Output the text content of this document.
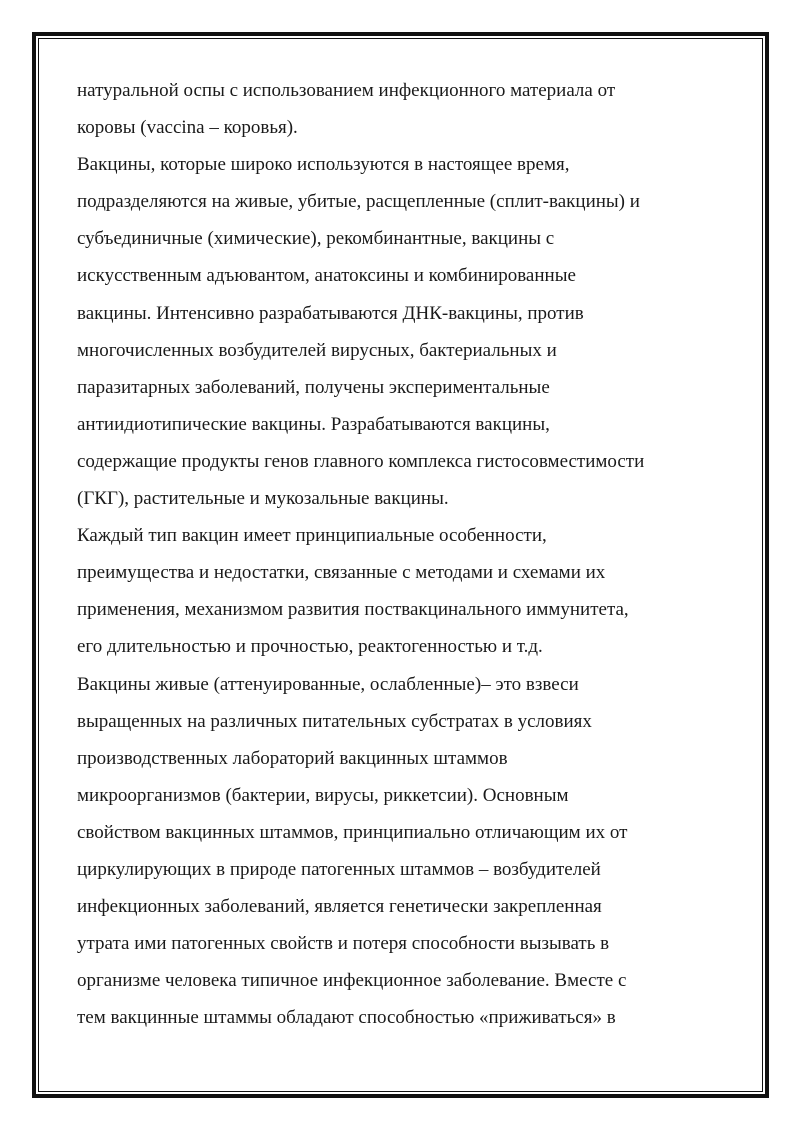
натуральной оспы с использованием инфекционного материала от
коровы (vaccina – коровья).
Вакцины, которые широко используются в настоящее время,
подразделяются на живые, убитые, расщепленные (сплит-вакцины) и
субъединичные (химические), рекомбинантные, вакцины с
искусственным адъювантом, анатоксины и комбинированные
вакцины. Интенсивно разрабатываются ДНК-вакцины, против
многочисленных возбудителей вирусных, бактериальных и
паразитарных заболеваний, получены экспериментальные
антиидиотипические вакцины. Разрабатываются вакцины,
содержащие продукты генов главного комплекса гистосовместимости
(ГКГ), растительные и мукозальные вакцины.
Каждый тип вакцин имеет принципиальные особенности,
преимущества и недостатки, связанные с методами и схемами их
применения, механизмом развития поствакцинального иммунитета,
его длительностью и прочностью, реактогенностью и т.д.
Вакцины живые (аттенуированные, ослабленные)– это взвеси
выращенных на различных питательных субстратах в условиях
производственных лабораторий вакцинных штаммов
микроорганизмов (бактерии, вирусы, риккетсии). Основным
свойством вакцинных штаммов, принципиально отличающим их от
циркулирующих в природе патогенных штаммов – возбудителей
инфекционных заболеваний, является генетически закрепленная
утрата ими патогенных свойств и потеря способности вызывать в
организме человека типичное инфекционное заболевание. Вместе с
тем вакцинные штаммы обладают способностью «приживаться» в
